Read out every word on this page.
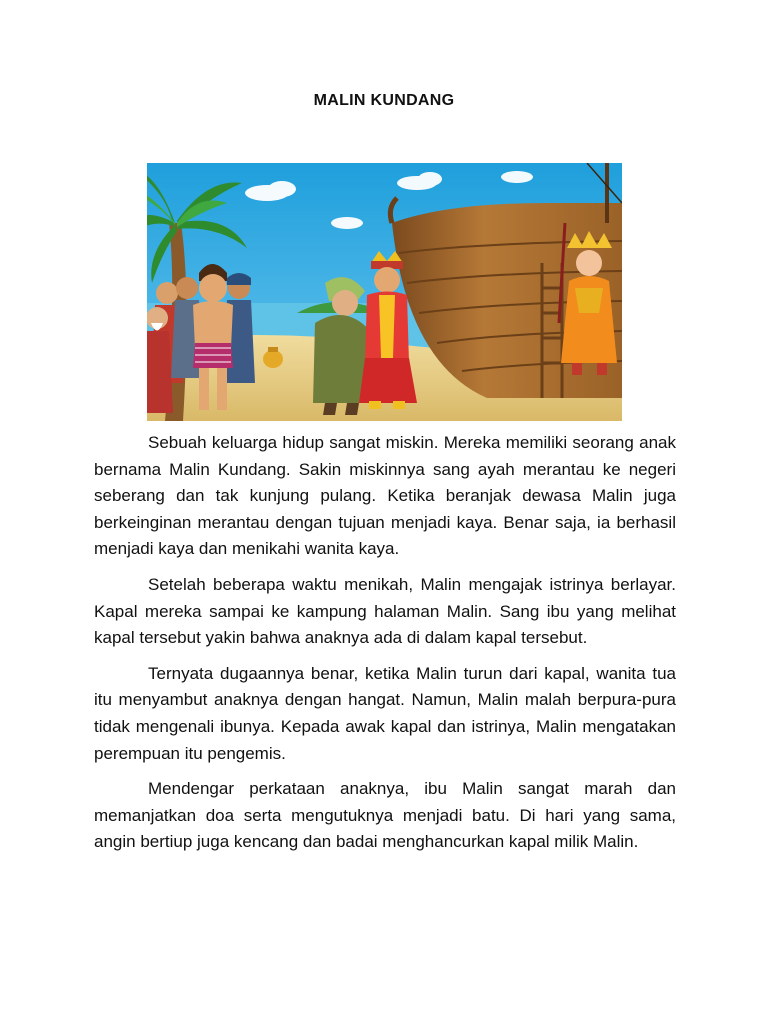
MALIN KUNDANG

Sebuah keluarga hidup sangat miskin. Mereka memiliki seorang anak bernama Malin Kundang. Sakin miskinnya sang ayah merantau ke negeri seberang dan tak kunjung pulang. Ketika beranjak dewasa Malin juga berkeinginan merantau dengan tujuan menjadi kaya. Benar saja, ia berhasil menjadi kaya dan menikahi wanita kaya.

Setelah beberapa waktu menikah, Malin mengajak istrinya berlayar. Kapal mereka sampai ke kampung halaman Malin. Sang ibu yang melihat kapal tersebut yakin bahwa anaknya ada di dalam kapal tersebut.

Ternyata dugaannya benar, ketika Malin turun dari kapal, wanita tua itu menyambut anaknya dengan hangat. Namun, Malin malah berpura-pura tidak mengenali ibunya. Kepada awak kapal dan istrinya, Malin mengatakan perempuan itu pengemis.

Mendengar perkataan anaknya, ibu Malin sangat marah dan memanjatkan doa serta mengutuknya menjadi batu. Di hari yang sama, angin bertiup juga kencang dan badai menghancurkan kapal milik Malin.
